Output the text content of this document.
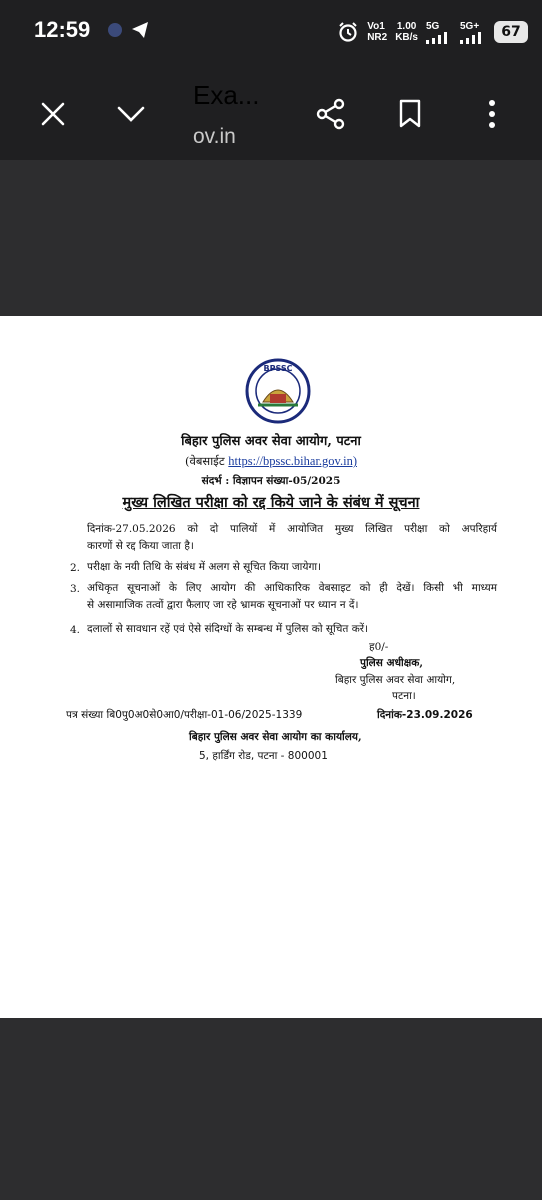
12:59	Vo1
NR2
1.00
KB/s
5G	5G+	67
Exa...
ov.in
BPSSC
बिहार पुलिस अवर सेवा आयोग, पटना
(वेबसाईट https://bpssc.bihar.gov.in)
संदर्भ : विज्ञापन संख्या-05/2025
मुख्य लिखित परीक्षा को रद्द किये जाने के संबंध में सूचना
दिनांक-27.05.2026 को दो पालियों में आयोजित मुख्य लिखित परीक्षा को अपरिहार्य
कारणों से रद्द किया जाता है।
2. परीक्षा के नयी तिथि के संबंध में अलग से सूचित किया जायेगा।
3. अधिकृत सूचनाओं के लिए आयोग की आधिकारिक वेबसाइट को ही देखें। किसी भी माध्यम
से असामाजिक तत्वों द्वारा फैलाए जा रहे भ्रामक सूचनाओं पर ध्यान न दें।
4. दलालों से सावधान रहें एवं ऐसे संदिग्धों के सम्बन्ध में पुलिस को सूचित करें।
ह0/-
पुलिस अधीक्षक,
बिहार पुलिस अवर सेवा आयोग,
पटना।
पत्र संख्या बि0पु0अ0से0आ0/परीक्षा-01-06/2025-1339	दिनांक-23.09.2026
बिहार पुलिस अवर सेवा आयोग का कार्यालय,
5, हार्डिंग रोड, पटना - 800001
